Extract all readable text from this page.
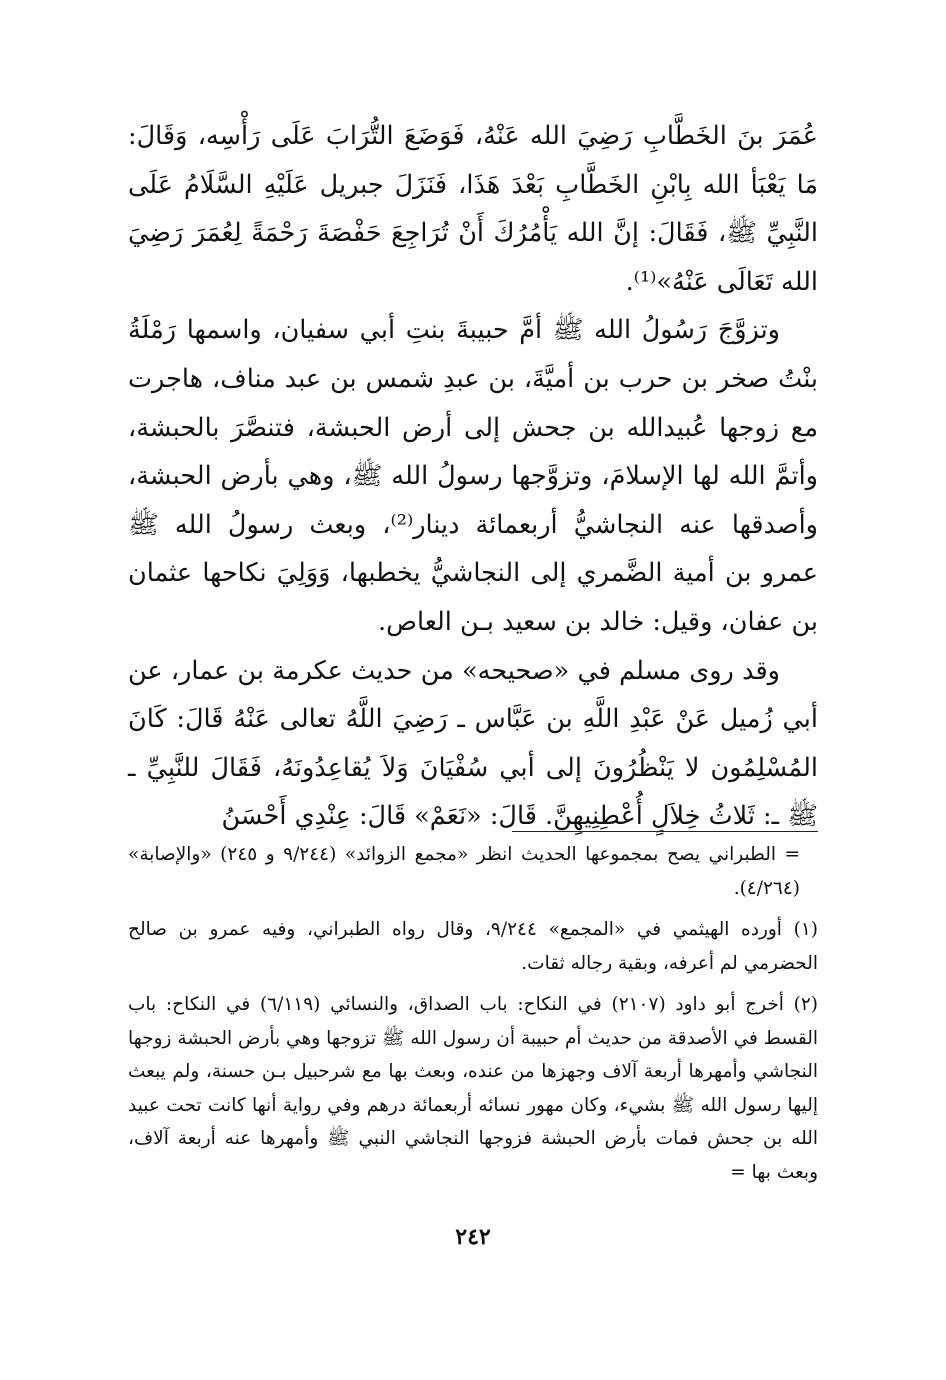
عُمَرَ بنَ الخَطَّابِ رَضِيَ الله عَنْهُ، فَوَضَعَ التُّرَابَ عَلَى رَأْسِه، وَقَالَ: مَا يَعْبَأ الله بِابْنِ الخَطَّابِ بَعْدَ هَذَا، فَنَزَلَ جبريل عَلَيْهِ السَّلَامُ عَلَى النَّبِيِّ ﷺ، فَقَالَ: إنَّ الله يَأْمُرُكَ أَنْ تُرَاجِعَ حَفْصَةَ رَحْمَةً لِعُمَرَ رَضِيَ الله تَعَالَى عَنْهُ»⁽¹⁾.

وتزوَّجَ رَسُولُ الله ﷺ أمَّ حبيبةَ بنتِ أبي سفيان، واسمها رَمْلَةُ بنْتُ صخر بن حرب بن أميَّةَ، بن عبدِ شمس بن عبد مناف، هاجرت مع زوجها عُبيدالله بن جحش إلى أرض الحبشة، فتنصَّرَ بالحبشة، وأتمَّ الله لها الإسلامَ، وتزوَّجها رسولُ الله ﷺ، وهي بأرض الحبشة، وأصدقها عنه النجاشيُّ أربعمائة دينار⁽²⁾، وبعث رسولُ الله ﷺ عمرو بن أمية الضَّمري إلى النجاشيُّ يخطبها، وَوَلِيَ نكاحها عثمان بن عفان، وقيل: خالد بن سعيد بـن العاص.

وقد روى مسلم في «صحيحه» من حديث عكرمة بن عمار، عن أبي زُميل عَنْ عَبْدِ اللَّهِ بن عَبَّاس ـ رَضِيَ اللَّهُ تعالى عَنْهُ قَالَ: كَانَ المُسْلِمُون لا يَنْظُرُونَ إلى أبي سُفْيَانَ وَلاَ يُقاعِدُونَهُ، فَقَالَ للنَّبِيِّ ـ ﷺ ـ: ثَلاثُ خِلاَلٍ أُعْطِنِيهِنَّ. قَالَ: «نَعَمْ» قَالَ: عِنْدِي أَحْسَنُ

= الطبراني يصح بمجموعها الحديث انظر «مجمع الزوائد» (٩/٢٤٤ و ٢٤٥) «والإصابة» (٤/٢٦٤).

(١) أورده الهيثمي في «المجمع» ٩/٢٤٤، وقال رواه الطبراني، وفيه عمرو بن صالح الحضرمي لم أعرفه، وبقية رجاله ثقات.

(٢) أخرج أبو داود (٢١٠٧) في النكاح: باب الصداق، والنسائي (٦/١١٩) في النكاح: باب القسط في الأصدقة من حديث أم حبيبة أن رسول الله ﷺ تزوجها وهي بأرض الحبشة زوجها النجاشي وأمهرها أربعة آلاف وجهزها من عنده، وبعث بها مع شرحبيل بـن حسنة، ولم يبعث إليها رسول الله ﷺ بشيء، وكان مهور نسائه أربعمائة درهم وفي رواية أنها كانت تحت عبيد الله بن جحش فمات بأرض الحبشة فزوجها النجاشي النبي ﷺ وأمهرها عنه أربعة آلاف، وبعث بها =

٢٤٢
